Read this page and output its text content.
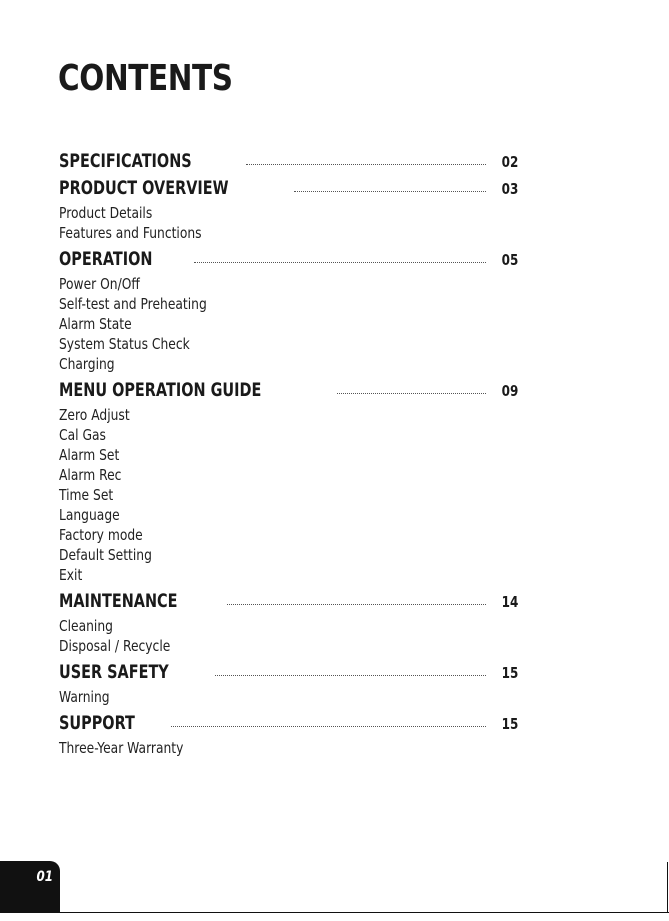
CONTENTS
SPECIFICATIONS	02
PRODUCT OVERVIEW	03
Product Details
Features and Functions
OPERATION	05
Power On/Off
Self-test and Preheating
Alarm State
System Status Check
Charging
MENU OPERATION GUIDE	09
Zero Adjust
Cal Gas
Alarm Set
Alarm Rec
Time Set
Language
Factory mode
Default Setting
Exit
MAINTENANCE	14
Cleaning
Disposal / Recycle
USER SAFETY	15
Warning
SUPPORT	15
Three-Year Warranty
01
